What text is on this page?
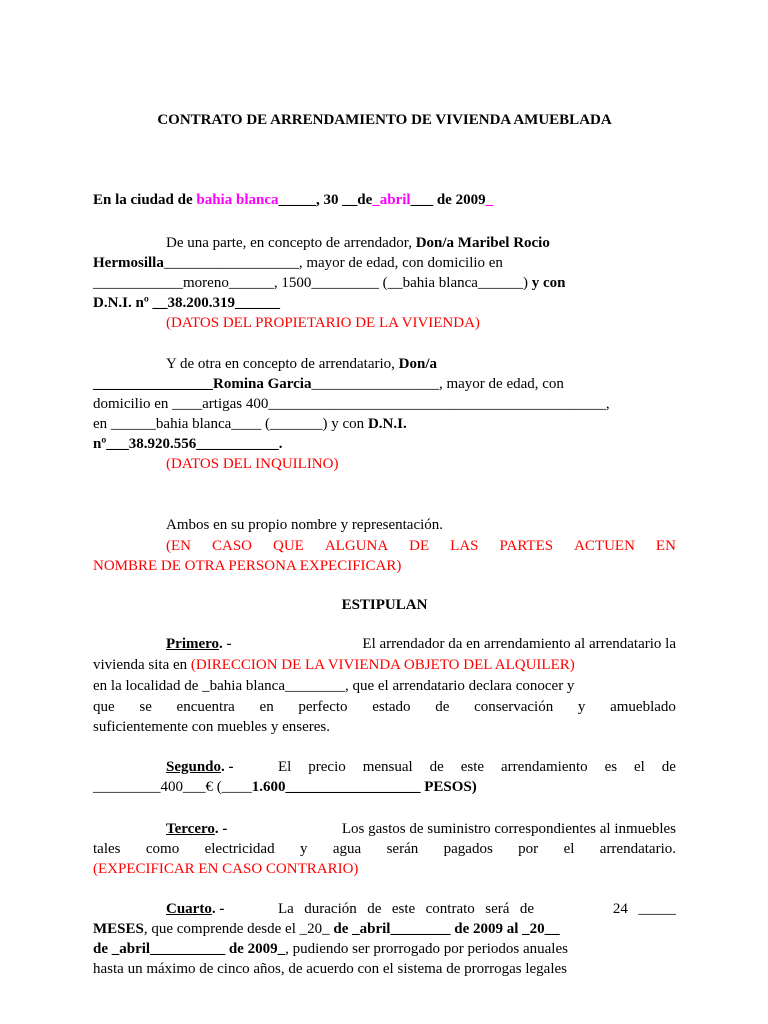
CONTRATO DE ARRENDAMIENTO DE VIVIENDA AMUEBLADA
En la ciudad de bahia blanca_____, 30 __de_abril___ de 2009_
De una parte, en concepto de arrendador, Don/a Maribel Rocio
Hermosilla__________________, mayor de edad, con domicilio en
____________moreno______, 1500_________ (__bahia blanca______) y con
D.N.I. nº __38.200.319______
(DATOS DEL PROPIETARIO DE LA VIVIENDA)
Y de otra en concepto de arrendatario, Don/a
________________Romina Garcia_________________, mayor de edad, con
domicilio en ____artigas 400_____________________________________________,
en ______bahia blanca____ (_______) y con D.N.I.
nº___38.920.556___________.
(DATOS DEL INQUILINO)
Ambos en su propio nombre y representación.
(EN CASO QUE ALGUNA DE LAS PARTES ACTUEN EN
NOMBRE DE OTRA PERSONA EXPECIFICAR)
ESTIPULAN
Primero. -	El arrendador da en arrendamiento al arrendatario la
vivienda sita en (DIRECCION DE LA VIVIENDA OBJETO DEL ALQUILER)
en la localidad de _bahia blanca________, que el arrendatario declara conocer y
que se encuentra en perfecto estado de conservación y amueblado
suficientemente con muebles y enseres.
Segundo. -	El precio mensual de este arrendamiento es el de
_________400___€ (____1.600__________________ PESOS)
Tercero. -	Los gastos de suministro correspondientes al inmuebles
tales como electricidad y agua serán pagados por el arrendatario.
(EXPECIFICAR EN CASO CONTRARIO)
Cuarto. -	La duración de este contrato será de	24 _____
MESES, que comprende desde el _20_ de _abril________ de 2009 al _20__
de _abril__________ de 2009_, pudiendo ser prorrogado por periodos anuales
hasta un máximo de cinco años, de acuerdo con el sistema de prorrogas legales
